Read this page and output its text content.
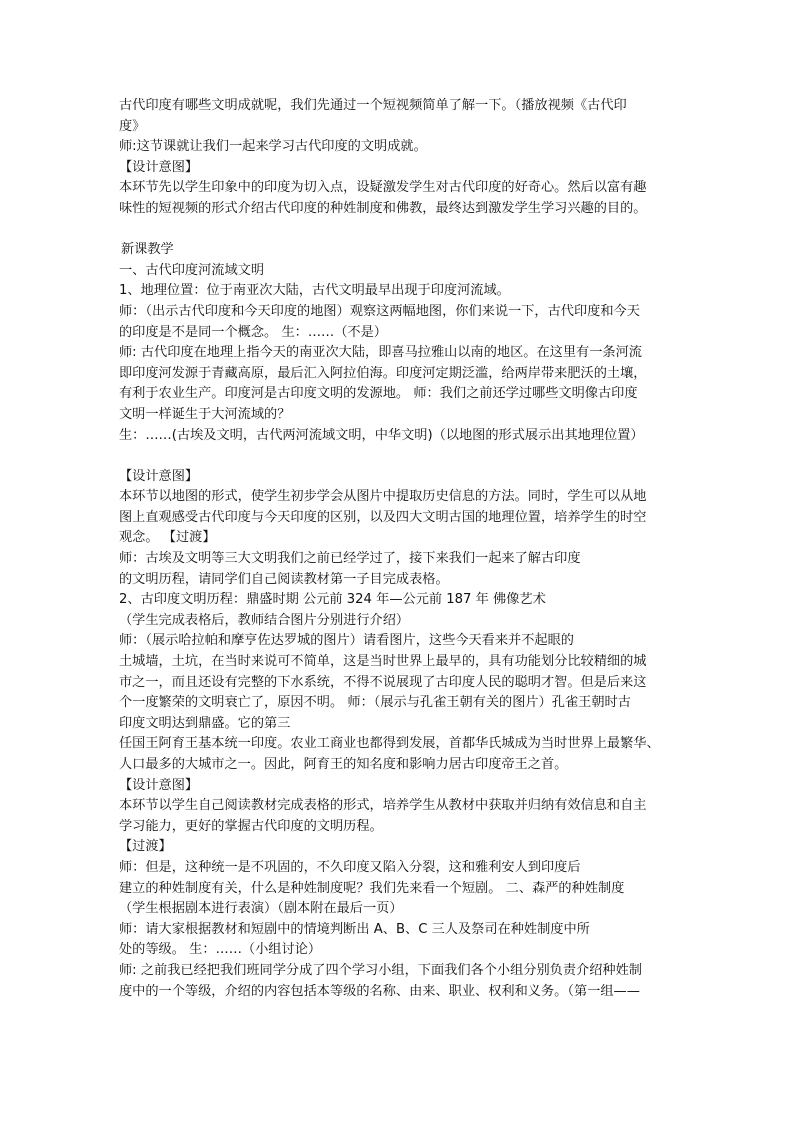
古代印度有哪些文明成就呢，我们先通过一个短视频简单了解一下。（播放视频《古代印
度》
师:这节课就让我们一起来学习古代印度的文明成就。
【设计意图】
本环节先以学生印象中的印度为切入点，设疑激发学生对古代印度的好奇心。然后以富有趣
味性的短视频的形式介绍古代印度的种姓制度和佛教，最终达到激发学生学习兴趣的目的。
新课教学
一、古代印度河流域文明
1、地理位置：位于南亚次大陆，古代文明最早出现于印度河流域。
师：（出示古代印度和今天印度的地图）观察这两幅地图，你们来说一下，古代印度和今天
的印度是不是同一个概念。 生：……（不是）
师: 古代印度在地理上指今天的南亚次大陆，即喜马拉雅山以南的地区。在这里有一条河流
即印度河发源于青藏高原，最后汇入阿拉伯海。印度河定期泛滥，给两岸带来肥沃的土壤，
有利于农业生产。印度河是古印度文明的发源地。 师：我们之前还学过哪些文明像古印度
文明一样诞生于大河流域的？
生：……(古埃及文明，古代两河流域文明，中华文明)（以地图的形式展示出其地理位置）
【设计意图】
本环节以地图的形式，使学生初步学会从图片中提取历史信息的方法。同时，学生可以从地
图上直观感受古代印度与今天印度的区别，以及四大文明古国的地理位置，培养学生的时空
观念。 【过渡】
师：古埃及文明等三大文明我们之前已经学过了，接下来我们一起来了解古印度
的文明历程，请同学们自己阅读教材第一子目完成表格。
2、古印度文明历程：鼎盛时期 公元前 324 年—公元前 187 年 佛像艺术
（学生完成表格后，教师结合图片分别进行介绍）
师：（展示哈拉帕和摩亨佐达罗城的图片）请看图片，这些今天看来并不起眼的
土城墙，土坑，在当时来说可不简单，这是当时世界上最早的，具有功能划分比较精细的城
市之一，而且还设有完整的下水系统，不得不说展现了古印度人民的聪明才智。但是后来这
个一度繁荣的文明衰亡了，原因不明。 师：（展示与孔雀王朝有关的图片）孔雀王朝时古
印度文明达到鼎盛。它的第三
任国王阿育王基本统一印度。农业工商业也都得到发展，首都华氏城成为当时世界上最繁华、
人口最多的大城市之一。因此，阿育王的知名度和影响力居古印度帝王之首。
【设计意图】
本环节以学生自己阅读教材完成表格的形式，培养学生从教材中获取并归纳有效信息和自主
学习能力，更好的掌握古代印度的文明历程。
【过渡】
师：但是，这种统一是不巩固的，不久印度又陷入分裂，这和雅利安人到印度后
建立的种姓制度有关，什么是种姓制度呢？我们先来看一个短剧。 二、森严的种姓制度
（学生根据剧本进行表演）（剧本附在最后一页）
师：请大家根据教材和短剧中的情境判断出 A、B、C 三人及祭司在种姓制度中所
处的等级。 生：……（小组讨论）
师: 之前我已经把我们班同学分成了四个学习小组，下面我们各个小组分别负责介绍种姓制
度中的一个等级，介绍的内容包括本等级的名称、由来、职业、权利和义务。（第一组——
